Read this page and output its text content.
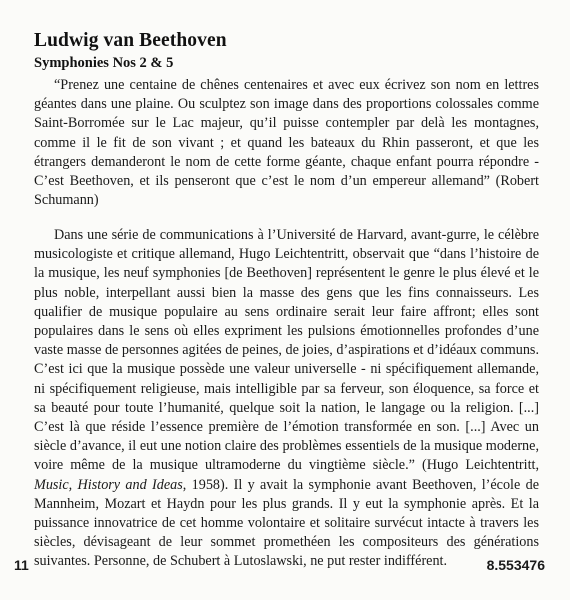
Ludwig van Beethoven
Symphonies Nos 2 & 5

“Prenez une centaine de chênes centenaires et avec eux écrivez son nom en lettres géantes dans une plaine. Ou sculptez son image dans des proportions colossales comme Saint-Borromée sur le Lac majeur, qu’il puisse contempler par delà les montagnes, comme il le fit de son vivant ; et quand les bateaux du Rhin passeront, et que les étrangers demanderont le nom de cette forme géante, chaque enfant pourra répondre - C’est Beethoven, et ils penseront que c’est le nom d’un empereur allemand” (Robert Schumann)

Dans une série de communications à l’Université de Harvard, avant-gurre, le célèbre musicologiste et critique allemand, Hugo Leichtentritt, observait que “dans l’histoire de la musique, les neuf symphonies [de Beethoven] représentent le genre le plus élevé et le plus noble, interpellant aussi bien la masse des gens que les fins connaisseurs. Les qualifier de musique populaire au sens ordinaire serait leur faire affront; elles sont populaires dans le sens où elles expriment les pulsions émotionnelles profondes d’une vaste masse de personnes agitées de peines, de joies, d’aspirations et d’idéaux communs. C’est ici que la musique possède une valeur universelle - ni spécifiquement allemande, ni spécifiquement religieuse, mais intelligible par sa ferveur, son éloquence, sa force et sa beauté pour toute l’humanité, quelque soit la nation, le langage ou la religion. [...] C’est là que réside l’essence première de l’émotion transformée en son. [...] Avec un siècle d’avance, il eut une notion claire des problèmes essentiels de la musique moderne, voire même de la musique ultramoderne du vingtième siècle.” (Hugo Leichtentritt, Music, History and Ideas, 1958). Il y avait la symphonie avant Beethoven, l’école de Mannheim, Mozart et Haydn pour les plus grands. Il y eut la symphonie après. Et la puissance innovatrice de cet homme volontaire et solitaire survécut intacte à travers les siècles, dévisageant de leur sommet promethéen les compositeurs des générations suivantes. Personne, de Schubert à Lutoslawski, ne put rester indifférent.

11	8.553476
